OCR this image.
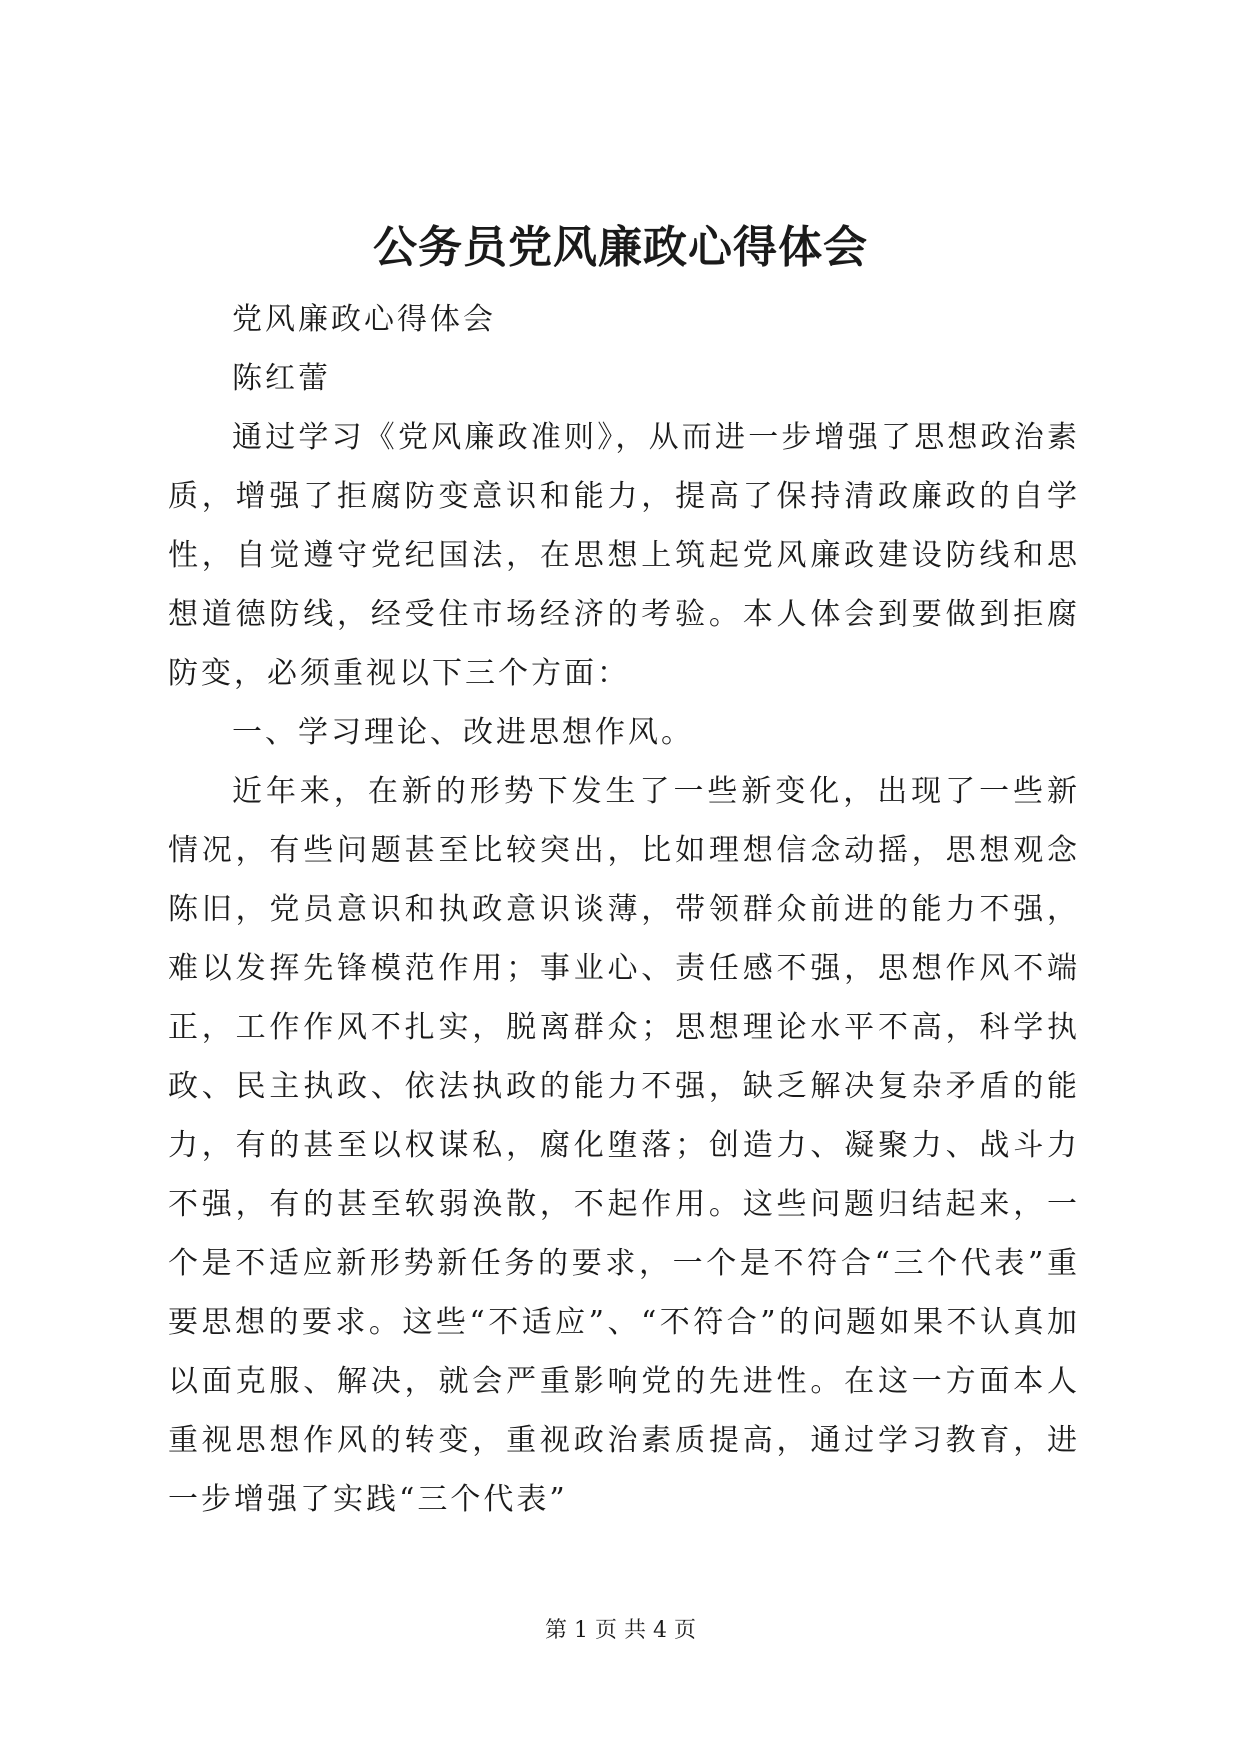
公务员党风廉政心得体会

党风廉政心得体会

陈红蕾

通过学习《党风廉政准则》，从而进一步增强了思想政治素质，增强了拒腐防变意识和能力，提高了保持清政廉政的自学性，自觉遵守党纪国法，在思想上筑起党风廉政建设防线和思想道德防线，经受住市场经济的考验。本人体会到要做到拒腐防变，必须重视以下三个方面：

一、学习理论、改进思想作风。

近年来，在新的形势下发生了一些新变化，出现了一些新情况，有些问题甚至比较突出，比如理想信念动摇，思想观念陈旧，党员意识和执政意识谈薄，带领群众前进的能力不强，难以发挥先锋模范作用；事业心、责任感不强，思想作风不端正，工作作风不扎实，脱离群众；思想理论水平不高，科学执政、民主执政、依法执政的能力不强，缺乏解决复杂矛盾的能力，有的甚至以权谋私，腐化堕落；创造力、凝聚力、战斗力不强，有的甚至软弱涣散，不起作用。这些问题归结起来，一个是不适应新形势新任务的要求，一个是不符合“三个代表”重要思想的要求。这些“不适应”、“不符合”的问题如果不认真加以面克服、解决，就会严重影响党的先进性。在这一方面本人重视思想作风的转变，重视政治素质提高，通过学习教育，进一步增强了实践“三个代表”

第 1 页 共 4 页
